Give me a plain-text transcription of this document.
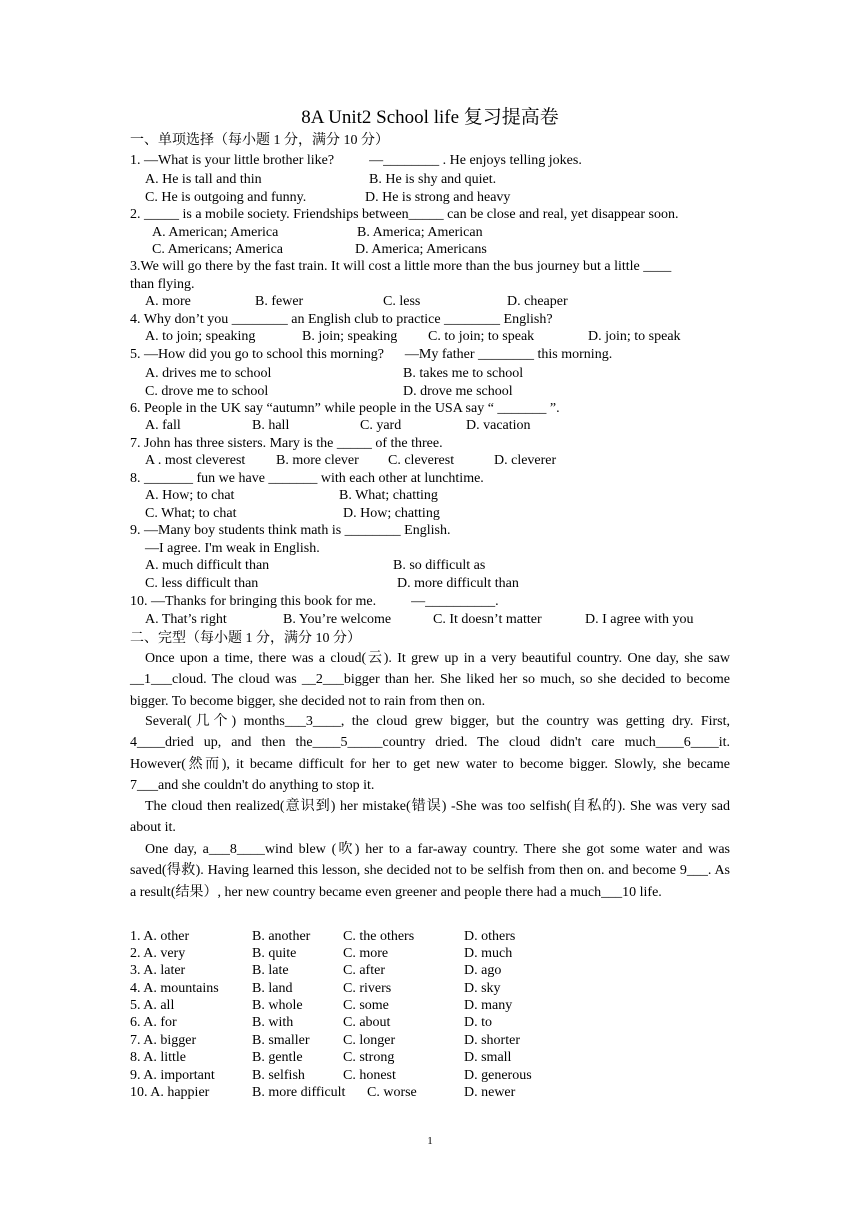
8A Unit2 School life 复习提高卷
一、单项选择（每小题 1 分，满分 10 分）
1. —What is your little brother like?          —________ . He enjoys telling jokes.
A. He is tall and thin	B. He is shy and quiet.
C. He is outgoing and funny.	D. He is strong and heavy
2. _____ is a mobile society. Friendships between_____ can be close and real, yet disappear soon.
A. American; America	B. America; American
C. Americans; America	D. America; Americans
3.We will go there by the fast train. It will cost a little more than the bus journey but a little ____
than flying.
A. more	B. fewer	C. less	D. cheaper
4. Why don’t you ________ an English club to practice ________ English?
A. to join; speaking	B. join; speaking C. to join; to speak	D. join; to speak
5. —How did you go to school this morning?      —My father ________ this morning.
A. drives me to school	B. takes me to school
C. drove me to school	D. drove me school
6. People in the UK say “autumn” while people in the USA say “ _______ ”.
A. fall	B. hall	C. yard	D. vacation
7. John has three sisters. Mary is the _____ of the three.
A . most cleverest B. more clever C. cleverest	D. cleverer
8. _______ fun we have _______ with each other at lunchtime.
A. How; to chat	B. What; chatting
C. What; to chat	D. How; chatting
9. —Many boy students think math is ________ English.
—I agree. I'm weak in English.
A. much difficult than	B. so difficult as
C. less difficult than	D. more difficult than
10. —Thanks for bringing this book for me.          —__________.
A. That’s right	B. You’re welcome	C. It doesn’t matter	D. I agree with you
二、完型（每小题 1 分，满分 10 分）
Once upon a time, there was a cloud(云). It grew up in a very beautiful country. One day, she saw __1___cloud. The cloud was __2___bigger than her. She liked her so much, so she decided to become bigger. To become bigger, she decided not to rain from then on.
Several(几个) months___3____, the cloud grew bigger, but the country was getting dry. First, 4____dried up, and then the____5_____country dried. The cloud didn't care much____6____it. However(然而), it became difficult for her to get new water to become bigger. Slowly, she became 7___and she couldn't do anything to stop it.
The cloud then realized(意识到) her mistake(错误) -She was too selfish(自私的). She was very sad about it.
One day, a___8____wind blew (吹) her to a far-away country. There she got some water and was saved(得救). Having learned this lesson, she decided not to be selfish from then on. and become 9___. As a result(结果）, her new country became even greener and people there had a much___10 life.
1. A. other	B. another C. the others	D. others
2. A. very	B. quite	C. more	D. much
3. A. later	B. late	C. after	D. ago
4. A. mountains B. land	C. rivers	D. sky
5. A. all	B. whole	C. some	D. many
6. A. for	B. with	C. about	D. to
7. A. bigger	B. smaller C. longer	D. shorter
8. A. little	B. gentle	C. strong	D. small
9. A. important	B. selfish	C. honest	D. generous
10. A. happier	B. more difficult C. worse	D. newer
1
